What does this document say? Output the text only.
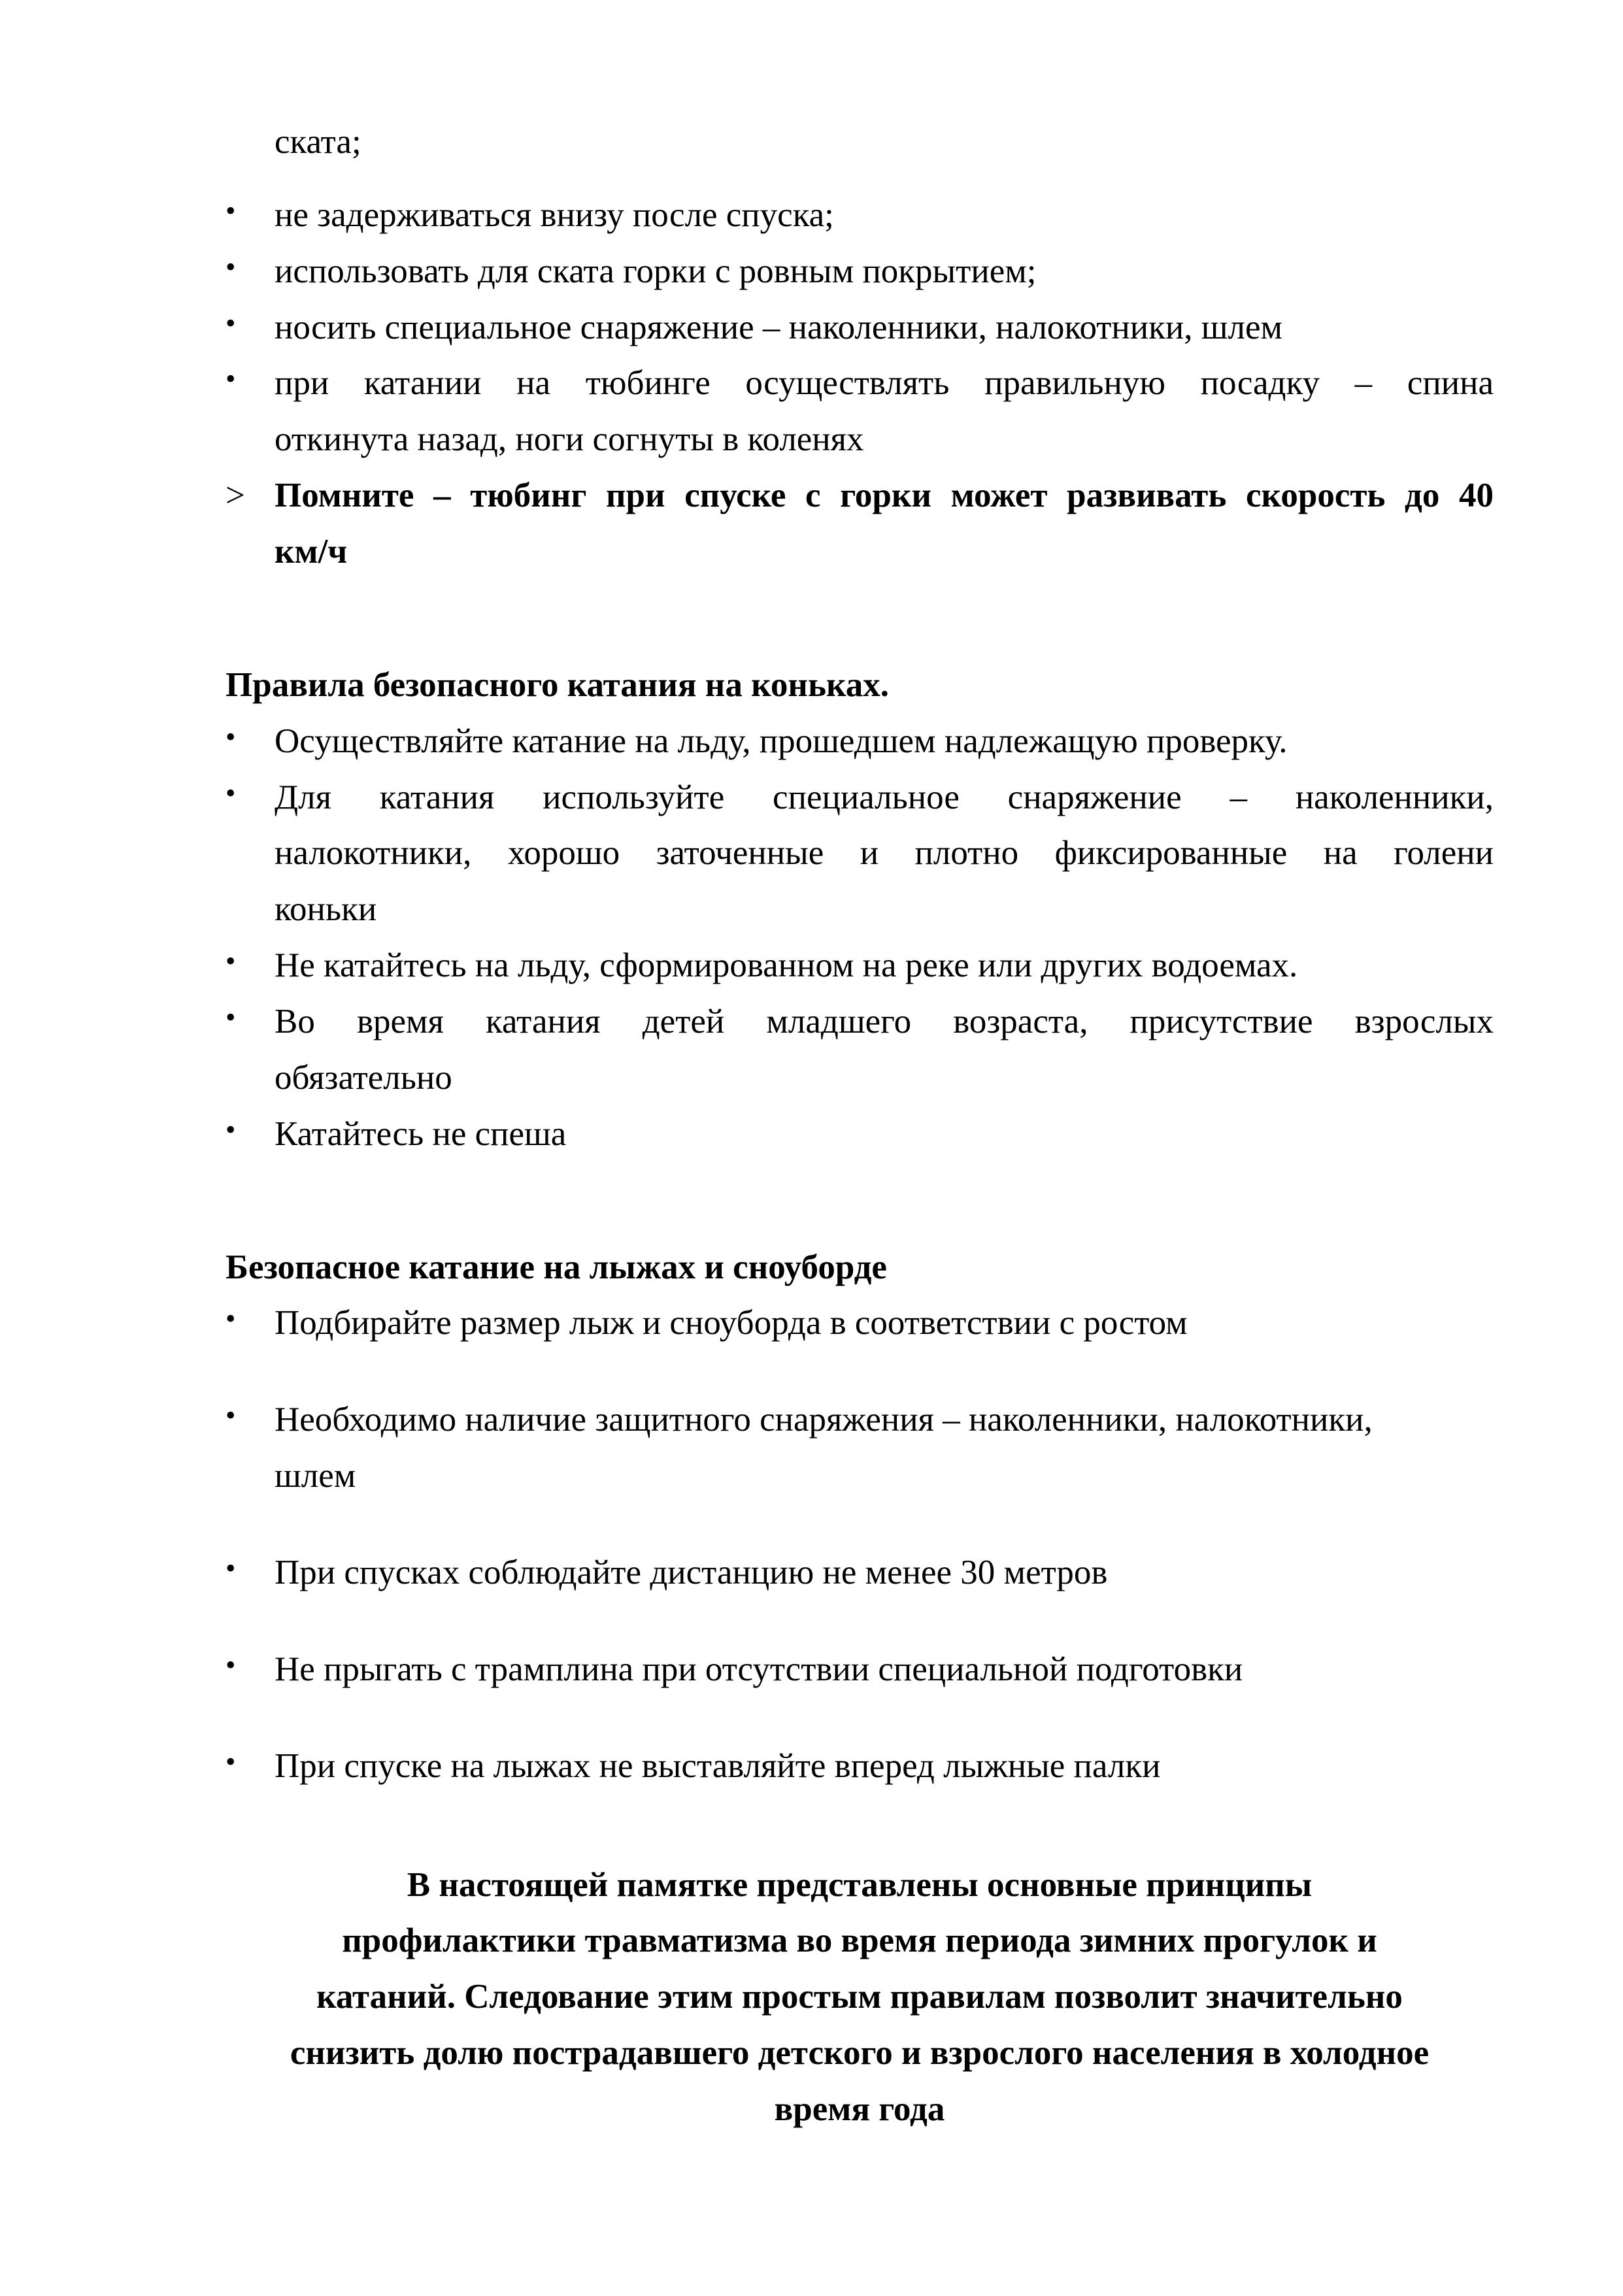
ската;
•	не задерживаться внизу после спуска;
•	использовать для ската горки с ровным покрытием;
•	носить специальное снаряжение – наколенники, налокотники, шлем
•	при катании на тюбинге осуществлять правильную посадку – спина
откинута назад, ноги согнуты в коленях
> Помните – тюбинг при спуске с горки может развивать скорость до 40
км/ч
Правила безопасного катания на коньках.
•	Осуществляйте катание на льду, прошедшем надлежащую проверку.
•	Для катания используйте специальное снаряжение – наколенники,
налокотники, хорошо заточенные и плотно фиксированные на голени
коньки
•	Не катайтесь на льду, сформированном на реке или других водоемах.
•	Во время катания детей младшего возраста, присутствие взрослых
обязательно
•	Катайтесь не спеша
Безопасное катание на лыжах и сноуборде
•	Подбирайте размер лыж и сноуборда в соответствии с ростом
•	Необходимо наличие защитного снаряжения – наколенники, налокотники,
шлем
•	При спусках соблюдайте дистанцию не менее 30 метров
•	Не прыгать с трамплина при отсутствии специальной подготовки
•	При спуске на лыжах не выставляйте вперед лыжные палки
В настоящей памятке представлены основные принципы
профилактики травматизма во время периода зимних прогулок и
катаний. Следование этим простым правилам позволит значительно
снизить долю пострадавшего детского и взрослого населения в холодное
время года
